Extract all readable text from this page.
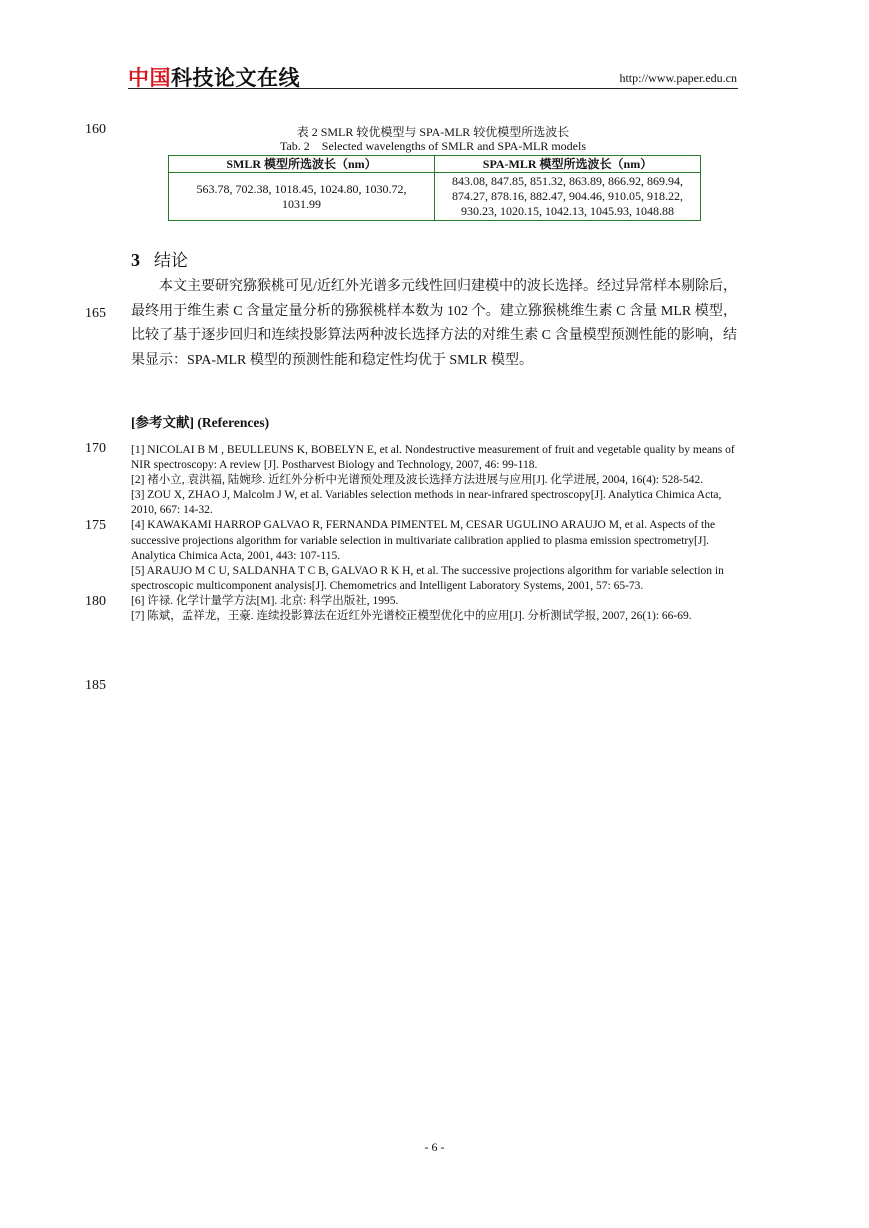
中国科技论文在线	http://www.paper.edu.cn
160
165
170
175
180
185
表 2 SMLR 较优模型与 SPA-MLR 较优模型所选波长
Tab. 2    Selected wavelengths of SMLR and SPA-MLR models
SMLR 模型所选波长（nm）	SPA-MLR 模型所选波长（nm）
563.78, 702.38, 1018.45, 1024.80, 1030.72, 1031.99	843.08, 847.85, 851.32, 863.89, 866.92, 869.94, 874.27, 878.16, 882.47, 904.46, 910.05, 918.22, 930.23, 1020.15, 1042.13, 1045.93, 1048.88
3 结论

本文主要研究猕猴桃可见/近红外光谱多元线性回归建模中的波长选择。经过异常样本剔除后，最终用于维生素 C 含量定量分析的猕猴桃样本数为 102 个。建立猕猴桃维生素 C 含量 MLR 模型，比较了基于逐步回归和连续投影算法两种波长选择方法的对维生素 C 含量模型预测性能的影响，结果显示：SPA-MLR 模型的预测性能和稳定性均优于 SMLR 模型。

[参考文献] (References)
[1] NICOLAI B M , BEULLEUNS K, BOBELYN E, et al. Nondestructive measurement of fruit and vegetable quality by means of NIR spectroscopy: A review [J]. Postharvest Biology and Technology, 2007, 46: 99-118.
[2] 褚小立, 袁洪福, 陆婉珍. 近红外分析中光谱预处理及波长选择方法进展与应用[J]. 化学进展, 2004, 16(4): 528-542.
[3] ZOU X, ZHAO J, Malcolm J W, et al. Variables selection methods in near-infrared spectroscopy[J]. Analytica Chimica Acta, 2010, 667: 14-32.
[4] KAWAKAMI HARROP GALVAO R, FERNANDA PIMENTEL M, CESAR UGULINO ARAUJO M, et al. Aspects of the successive projections algorithm for variable selection in multivariate calibration applied to plasma emission spectrometry[J]. Analytica Chimica Acta, 2001, 443: 107-115.
[5] ARAUJO M C U, SALDANHA T C B, GALVAO R K H, et al. The successive projections algorithm for variable selection in spectroscopic multicomponent analysis[J]. Chemometrics and Intelligent Laboratory Systems, 2001, 57: 65-73.
[6] 许禄. 化学计量学方法[M]. 北京: 科学出版社, 1995.
[7] 陈斌，孟祥龙，王豪. 连续投影算法在近红外光谱校正模型优化中的应用[J]. 分析测试学报, 2007, 26(1): 66-69.
- 6 -
